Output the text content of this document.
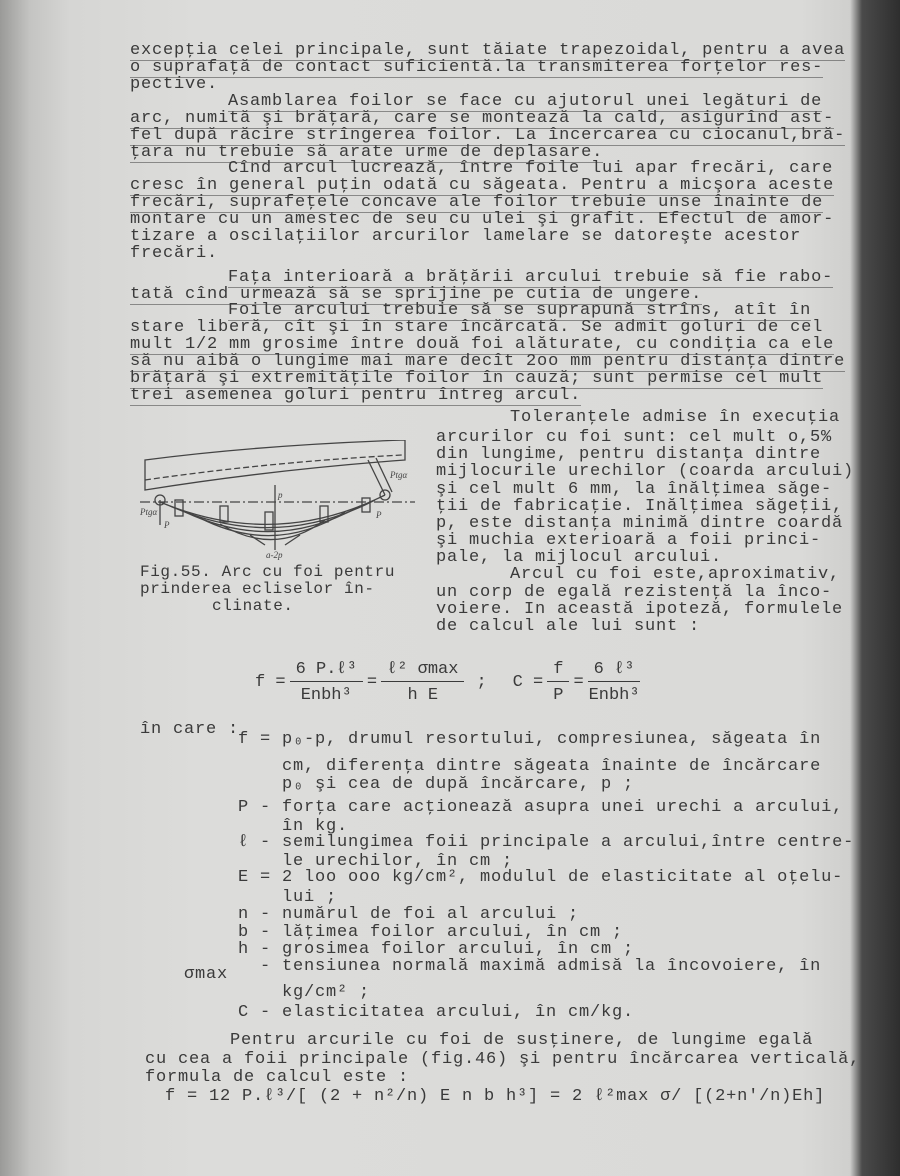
excepţia celei principale, sunt tăiate trapezoidal, pentru a avea
o suprafaţă de contact suficientă.la transmiterea forţelor res-
pective.
Asamblarea foilor se face cu ajutorul unei legături de
arc, numită şi brăţară, care se montează la cald, asigurînd ast-
fel după răcire strîngerea foilor. La încercarea cu ciocanul,bră-
ţara nu trebuie să arate urme de deplasare.
Cînd arcul lucrează, între foile lui apar frecări, care
cresc în general puţin odată cu săgeata. Pentru a micşora aceste
frecări, suprafeţele concave ale foilor trebuie unse înainte de
montare cu un amestec de seu cu ulei şi grafit. Efectul de amor-
tizare a oscilaţiilor arcurilor lamelare se datoreşte acestor
frecări.
Faţa interioară a brăţării arcului trebuie să fie rabo-
tată cînd urmează să se sprijine pe cutia de ungere.
Foile arcului trebuie să se suprapună strîns, atît în
stare liberă, cît şi în stare încărcată. Se admit goluri de cel
mult 1/2 mm grosime între două foi alăturate, cu condiţia ca ele
să nu aibă o lungime mai mare decît 2oo mm pentru distanţa dintre
brăţară şi extremităţile foilor în cauză; sunt permise cel mult
trei asemenea goluri pentru întreg arcul.
Toleranţele admise în execuţia
arcurilor cu foi sunt: cel mult o,5%
din lungime, pentru distanţa dintre
mijlocurile urechilor (coarda arcului)
şi cel mult 6 mm, la înălţimea săge-
ţii de fabricaţie. Inălţimea săgeţii,
p, este distanţa minimă dintre coardă
şi muchia exterioară a foii princi-
pale, la mijlocul arcului.
Arcul cu foi este,aproximativ,
un corp de egală rezistenţă la înco-
voiere. In această ipoteză, formulele
de calcul ale lui sunt :
Ptgα
Ptgα
p
P
P
a-2p
Fig.55. Arc cu foi pentru
prinderea ecliselor în-
clinate.
$f = \frac{\text{6 P.ℓ³}}{\text{Enbh³}} = \frac{\text{ℓ² σmax}}{\text{h E}}$ ; $C = \frac{f}{P} = \frac{\text{6 ℓ³}}{\text{Enbh³}}$
în care :
f = p₀-p, drumul resortului, compresiunea, săgeata în
cm, diferenţa dintre săgeata înainte de încărcare
p₀ şi cea de după încărcare, p ;
P - forţa care acţionează asupra unei urechi a arcului,
în kg.
ℓ - semilungimea foii principale a arcului,între centre-
le urechilor, în cm ;
E = 2 loo ooo kg/cm², modulul de elasticitate al oţelu-
lui ;
n - numărul de foi al arcului ;
b - lăţimea foilor arcului, în cm ;
h - grosimea foilor arcului, în cm ;
σmax - tensiunea normală maximă admisă la încovoiere, în
kg/cm² ;
C - elasticitatea arcului, în cm/kg.
Pentru arcurile cu foi de susţinere, de lungime egală
cu cea a foii principale (fig.46) şi pentru încărcarea verticală,
formula de calcul este :
f = 12 P.ℓ³/[ (2 + n²/n) E n b h³] = 2 ℓ²max σ/ [(2+n'/n)Eh]
